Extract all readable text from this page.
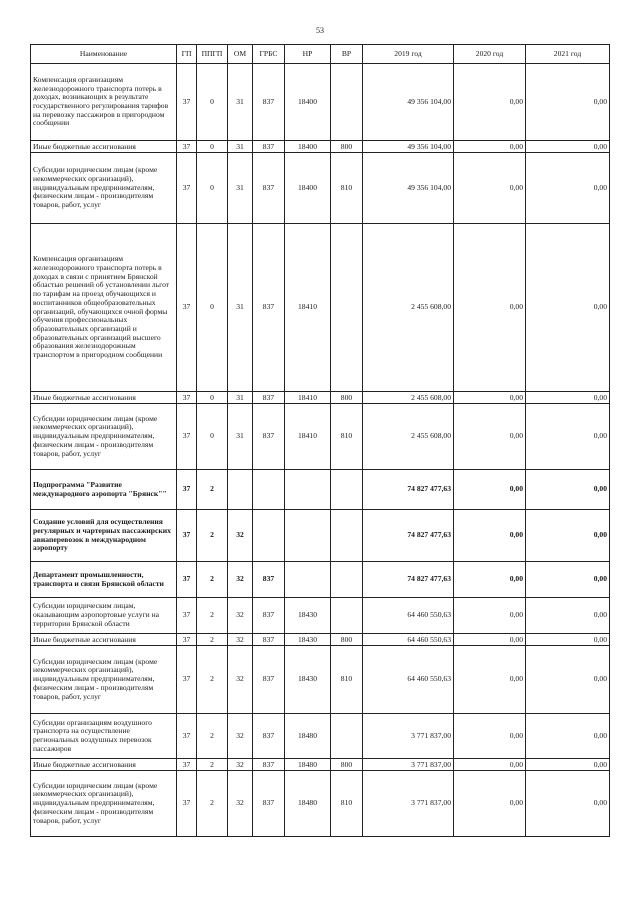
53
Наименование	ГП	ППГП	ОМ	ГРБС	НР	ВР	2019 год	2020 год	2021 год
Компенсация организациям железнодорожного транспорта потерь в доходах, возникающих в результате государственного регулирования тарифов на перевозку пассажиров в пригородном сообщении	37	0	31	837	18400		49 356 104,00	0,00	0,00
Иные бюджетные ассигнования	37	0	31	837	18400	800	49 356 104,00	0,00	0,00
Субсидии юридическим лицам (кроме некоммерческих организаций), индивидуальным предпринимателям, физическим лицам - производителям товаров, работ, услуг	37	0	31	837	18400	810	49 356 104,00	0,00	0,00
Компенсация организациям железнодорожного транспорта потерь в доходах в связи с принятием Брянской областью решений об установлении льгот по тарифам на проезд обучающихся и воспитанников общеобразовательных организаций, обучающихся очной формы обучения профессиональных образовательных организаций и образовательных организаций высшего образования железнодорожным транспортом в пригородном сообщении	37	0	31	837	18410		2 455 608,00	0,00	0,00
Иные бюджетные ассигнования	37	0	31	837	18410	800	2 455 608,00	0,00	0,00
Субсидии юридическим лицам (кроме некоммерческих организаций), индивидуальным предпринимателям, физическим лицам - производителям товаров, работ, услуг	37	0	31	837	18410	810	2 455 608,00	0,00	0,00
Подпрограмма "Развитие международного аэропорта "Брянск""	37	2					74 827 477,63	0,00	0,00
Создание условий для осуществления регулярных и чартерных пассажирских авиаперевозок в международном аэропорту	37	2	32				74 827 477,63	0,00	0,00
Департамент промышленности, транспорта и связи Брянской области	37	2	32	837			74 827 477,63	0,00	0,00
Субсидии юридическим лицам, оказывающим аэропортовые услуги на территории Брянской области	37	2	32	837	18430		64 460 550,63	0,00	0,00
Иные бюджетные ассигнования	37	2	32	837	18430	800	64 460 550,63	0,00	0,00
Субсидии юридическим лицам (кроме некоммерческих организаций), индивидуальным предпринимателям, физическим лицам - производителям товаров, работ, услуг	37	2	32	837	18430	810	64 460 550,63	0,00	0,00
Субсидии организациям воздушного транспорта на осуществление региональных воздушных перевозок пассажиров	37	2	32	837	18480		3 771 837,00	0,00	0,00
Иные бюджетные ассигнования	37	2	32	837	18480	800	3 771 837,00	0,00	0,00
Субсидии юридическим лицам (кроме некоммерческих организаций), индивидуальным предпринимателям, физическим лицам - производителям товаров, работ, услуг	37	2	32	837	18480	810	3 771 837,00	0,00	0,00
